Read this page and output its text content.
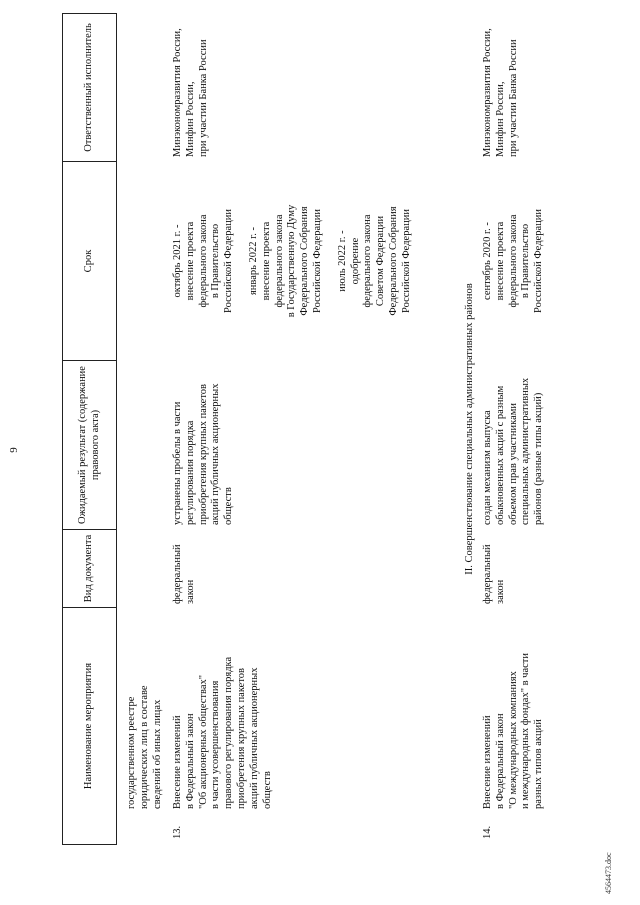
9
Наименование мероприятия
Вид документа
Ожидаемый результат (содержание правового акта)
Срок
Ответственный исполнитель
государственном реестре юридических лиц в составе сведений об иных лицах
13.
Внесение изменений в Федеральный закон "Об акционерных обществах" в части усовершенствования правового регулирования порядка приобретения крупных пакетов акций публичных акционерных обществ
федеральный закон
устранены пробелы в части регулирования порядка приобретения крупных пакетов акций публичных акционерных обществ
октябрь 2021 г. - внесение проекта федерального закона в Правительство Российской Федерации январь 2022 г. - внесение проекта федерального закона в Государственную Думу Федерального Собрания Российской Федерации июль 2022 г. - одобрение федерального закона Советом Федерации Федерального Собрания Российской Федерации
Минэкономразвития России, Минфин России, при участии Банка России
II. Совершенствование специальных административных районов
14.
Внесение изменений в Федеральный закон "О международных компаниях и международных фондах" в части разных типов акций
федеральный закон
создан механизм выпуска обыкновенных акций с разным объемом прав участниками специальных административных районов (разные типы акций)
сентябрь 2020 г. - внесение проекта федерального закона в Правительство Российской Федерации
Минэкономразвития России, Минфин России, при участии Банка России
4564473.doc
